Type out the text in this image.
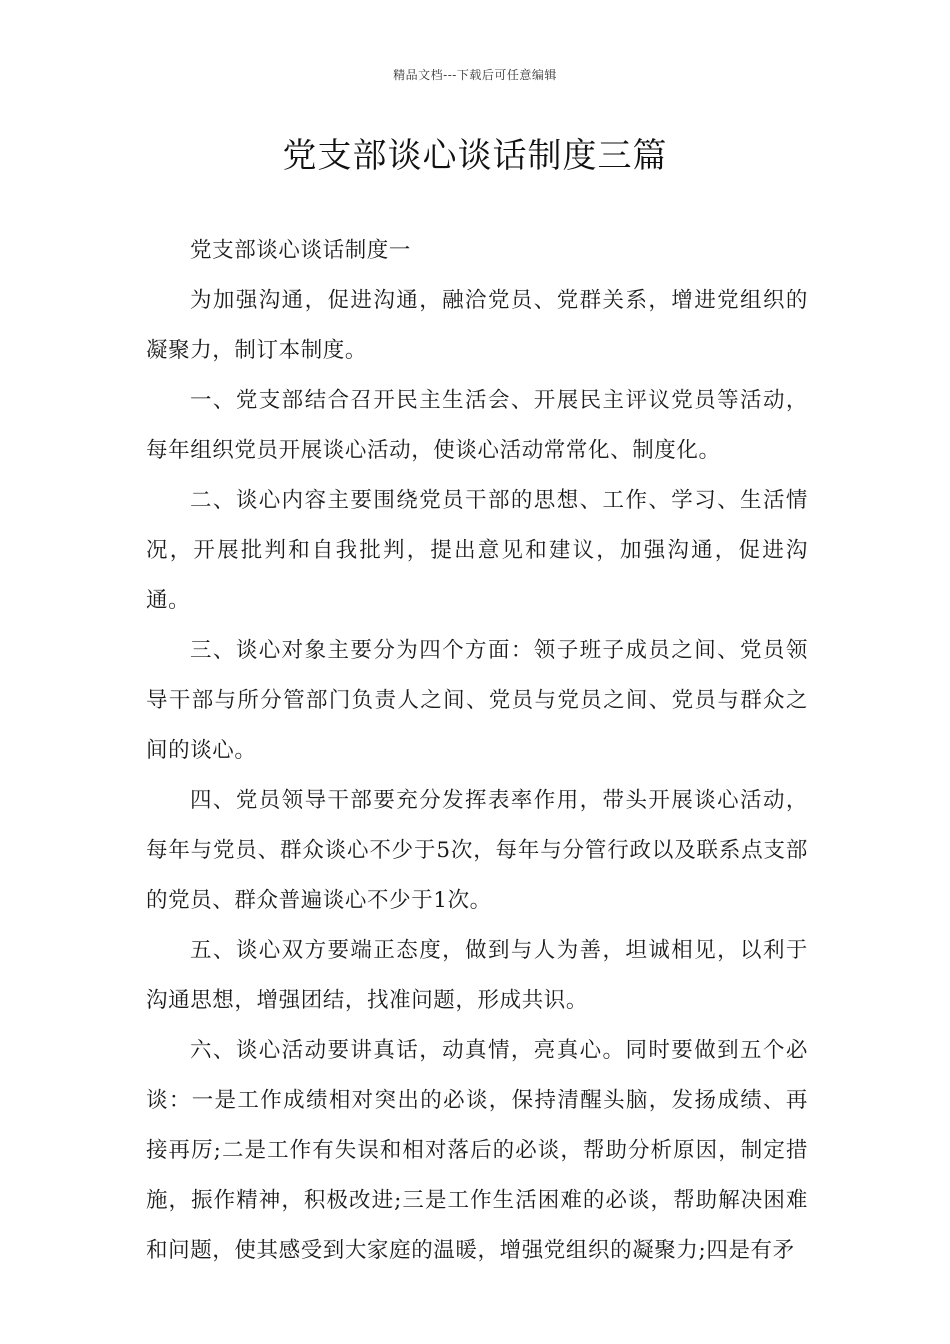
精品文档---下载后可任意编辑
党支部谈心谈话制度三篇

党支部谈心谈话制度一

为加强沟通，促进沟通，融洽党员、党群关系，增进党组织的凝聚力，制订本制度。

一、党支部结合召开民主生活会、开展民主评议党员等活动，每年组织党员开展谈心活动，使谈心活动常常化、制度化。

二、谈心内容主要围绕党员干部的思想、工作、学习、生活情况，开展批判和自我批判，提出意见和建议，加强沟通，促进沟通。

三、谈心对象主要分为四个方面：领子班子成员之间、党员领导干部与所分管部门负责人之间、党员与党员之间、党员与群众之间的谈心。

四、党员领导干部要充分发挥表率作用，带头开展谈心活动，每年与党员、群众谈心不少于5次，每年与分管行政以及联系点支部的党员、群众普遍谈心不少于1次。

五、谈心双方要端正态度，做到与人为善，坦诚相见，以利于沟通思想，增强团结，找准问题，形成共识。

六、谈心活动要讲真话，动真情，亮真心。同时要做到五个必谈：一是工作成绩相对突出的必谈，保持清醒头脑，发扬成绩、再接再厉;二是工作有失误和相对落后的必谈，帮助分析原因，制定措施，振作精神，积极改进;三是工作生活困难的必谈，帮助解决困难和问题，使其感受到大家庭的温暖，增强党组织的凝聚力;四是有矛
